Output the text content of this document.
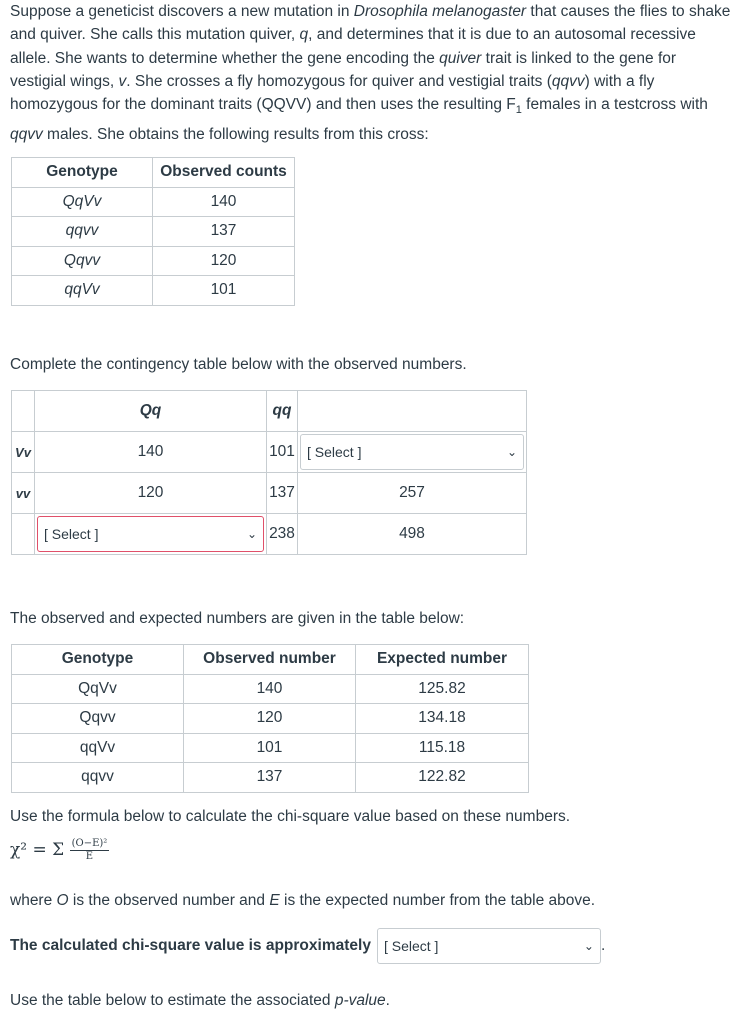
Suppose a geneticist discovers a new mutation in Drosophila melanogaster that causes the flies to shake and quiver. She calls this mutation quiver, q, and determines that it is due to an autosomal recessive allele. She wants to determine whether the gene encoding the quiver trait is linked to the gene for vestigial wings, v. She crosses a fly homozygous for quiver and vestigial traits (qqvv) with a fly homozygous for the dominant traits (QQVV) and then uses the resulting $F_1$ females in a testcross with qqvv males. She obtains the following results from this cross:

Genotype	Observed counts
QqVv	140
qqvv	137
Qqvv	120
qqVv	101

Complete the contingency table below with the observed numbers.

	Qq	qq	
Vv	140	101	[ Select ] ⌄

vv	120	137	257

	[ Select ] ⌄	238	498

The observed and expected numbers are given in the table below:

Genotype	Observed number	Expected number
QqVv	140	125.82
Qqvv	120	134.18
qqVv	101	115.18
qqvv	137	122.82

Use the formula below to calculate the chi-square value based on these numbers.

χ² = Σ $\frac{\text{(O−E)²}}{E}$

where O is the observed number and E is the expected number from the table above.

The calculated chi-square value is approximately [ Select ]	⌄ .

Use the table below to estimate the associated p-value.
